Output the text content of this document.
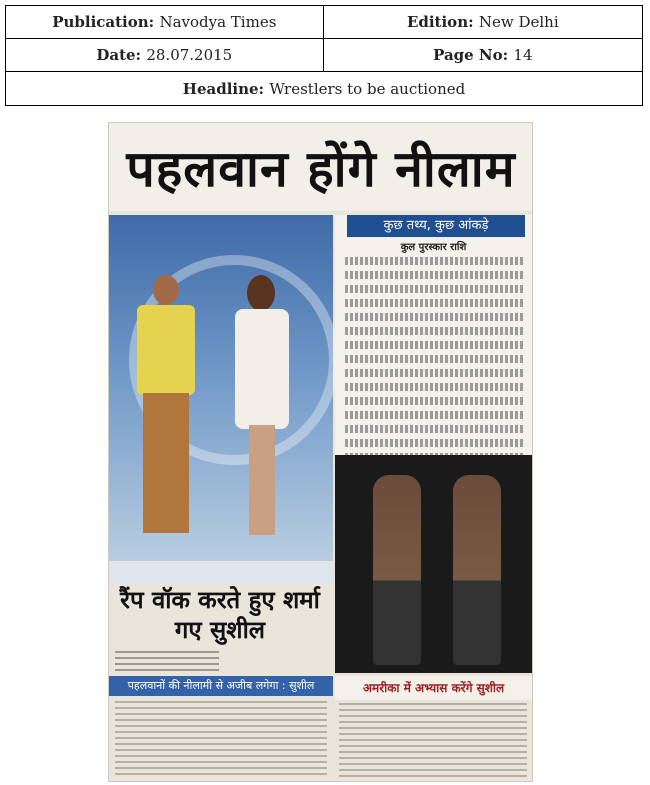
Publication: Navodya Times	Edition: New Delhi
Date: 28.07.2015	Page No: 14
Headline: Wrestlers to be auctioned	
पहलवान होंगे नीलाम
कुछ तथ्य, कुछ आंकड़े
कुल पुरस्कार राशि
रैंप वॉक करते हुए शर्मा गए सुशील
पहलवानों की नीलामी से अजीब लगेगा : सुशील	अमरीका में अभ्यास करेंगे सुशील
